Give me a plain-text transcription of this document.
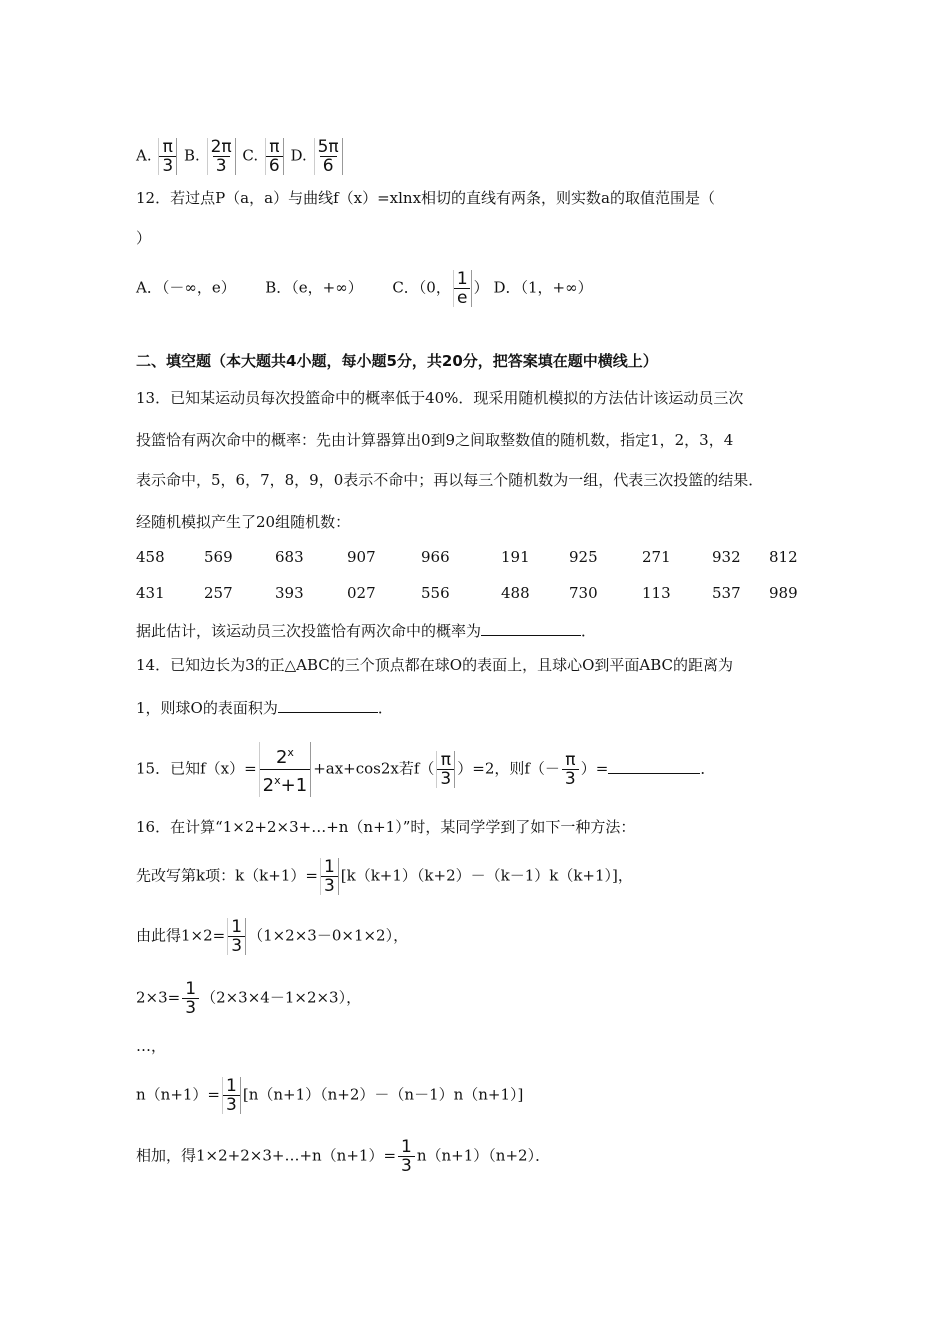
A. $\frac{\pi}{3} B$. $\frac{2\pi}{3} C$. $\frac{\pi}{6} D$. $\frac{5\pi}{6}$
12．若过点P（a，a）与曲线f（x）=xlnx相切的直线有两条，则实数a的取值范围是（
）
A．（－∞，e） B．（e，+∞） C．（0， $\frac{1}{e}$ ） D．（1，+∞）
二、填空题（本大题共4小题，每小题5分，共20分，把答案填在题中横线上）
13．已知某运动员每次投篮命中的概率低于40%．现采用随机模拟的方法估计该运动员三次
投篮恰有两次命中的概率：先由计算器算出0到9之间取整数值的随机数，指定1，2，3，4
表示命中，5，6，7，8，9，0表示不命中；再以每三个随机数为一组，代表三次投篮的结果．
经随机模拟产生了20组随机数：
458	569	683	907	966	191	925	271	932	812
431	257	393	027	556	488	730	113	537	989
据此估计，该运动员三次投篮恰有两次命中的概率为	．
14．已知边长为3的正△ABC的三个顶点都在球O的表面上，且球心O到平面ABC的距离为
1，则球O的表面积为	．
15．已知$f(x)= \frac{2^x}{2^x+1} +ax+\cos 2x$若$f( \frac{\pi}{3} )=2$，则$f(- \frac{\pi}{3}$ ）=	．
16．在计算“1×2+2×3+…+n（n+1）”时，某同学学到了如下一种方法：
先改写第k项：$k(k+1)= \frac{1}{3} [k(k+1)(k+2)-(k-1)k(k+1)]$，
由此得$1\times 2= \frac{1}{3} (1\times 2\times 3-0\times 1\times 2)$，
$2\times 3= \frac{1}{3} (2\times 3\times 4-1\times 2\times 3)$，
…，
$n(n+1)= \frac{1}{3} [n(n+1)(n+2)-(n-1)n(n+1)]$
相加，得1×2+2×3+…+n（n+1）= $\frac{1}{3} n(n+1)(n+2)$．
